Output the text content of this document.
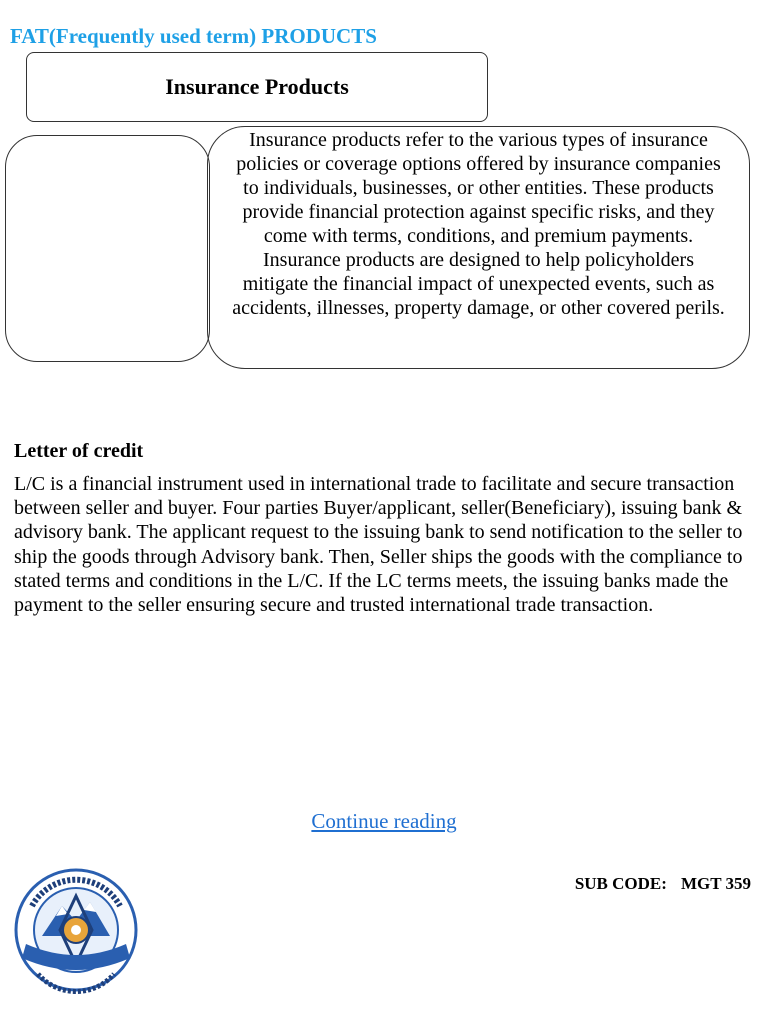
FAT(Frequently used term) PRODUCTS
Insurance Products

Insurance products refer to the various types of insurance policies or coverage options offered by insurance companies to individuals, businesses, or other entities. These products provide financial protection against specific risks, and they come with terms, conditions, and premium payments. Insurance products are designed to help policyholders mitigate the financial impact of unexpected events, such as accidents, illnesses, property damage, or other covered perils.

Letter of credit

L/C is a financial instrument used in international trade to facilitate and secure transaction between seller and buyer. Four parties Buyer/applicant, seller(Beneficiary), issuing bank & advisory bank. The applicant request to the issuing bank to send notification to the seller to ship the goods through Advisory bank. Then, Seller ships the goods with the compliance to stated terms and conditions in the L/C. If the LC terms meets, the issuing banks made the payment to the seller ensuring secure and trusted international trade transaction.

Continue reading
SUB CODE: MGT 359
